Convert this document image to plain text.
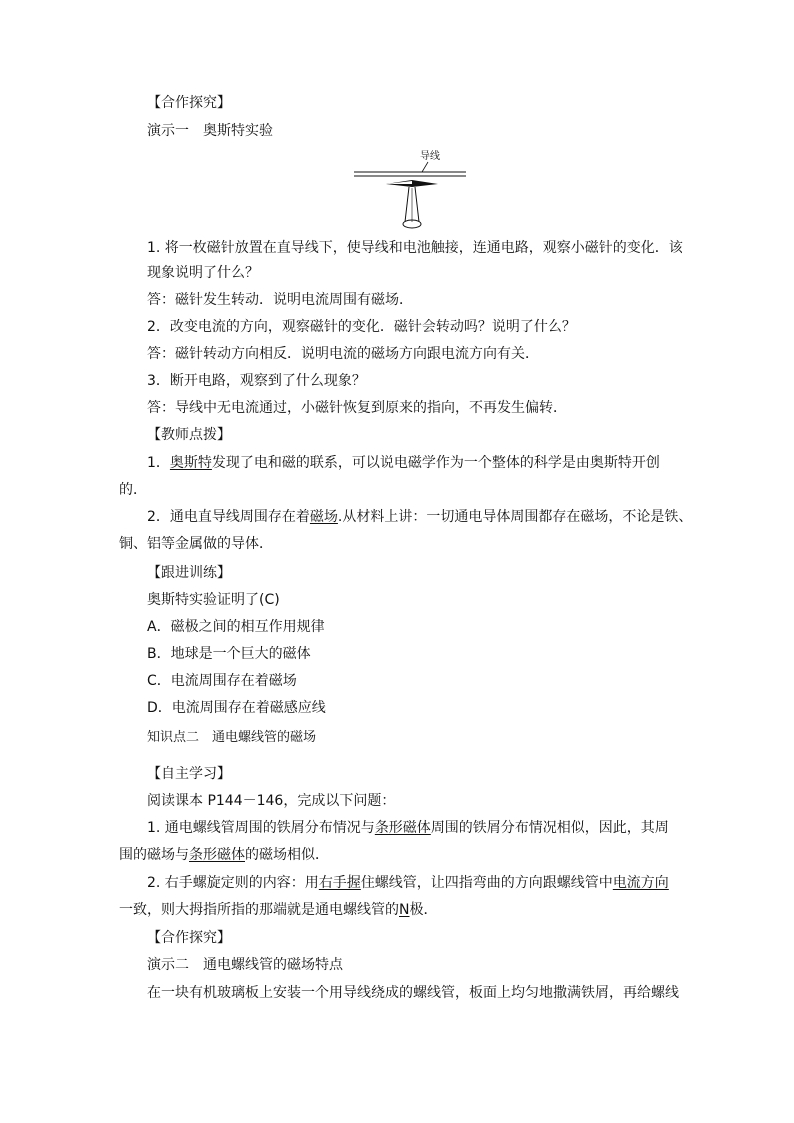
【合作探究】
演示一　奥斯特实验
导线
1. 将一枚磁针放置在直导线下，使导线和电池触接，连通电路，观察小磁针的变化．该
现象说明了什么？
答：磁针发生转动．说明电流周围有磁场．
2．改变电流的方向，观察磁针的变化．磁针会转动吗？说明了什么？
答：磁针转动方向相反．说明电流的磁场方向跟电流方向有关．
3．断开电路，观察到了什么现象？
答：导线中无电流通过，小磁针恢复到原来的指向，不再发生偏转．
【教师点拨】
1．奥斯特发现了电和磁的联系，可以说电磁学作为一个整体的科学是由奥斯特开创
的．
2．通电直导线周围存在着磁场.从材料上讲：一切通电导体周围都存在磁场，不论是铁、
铜、铝等金属做的导体．
【跟进训练】
奥斯特实验证明了(C)
A．磁极之间的相互作用规律
B．地球是一个巨大的磁体
C．电流周围存在着磁场
D．电流周围存在着磁感应线
知识点二　通电螺线管的磁场
【自主学习】
阅读课本 P144－146，完成以下问题：
1. 通电螺线管周围的铁屑分布情况与条形磁体周围的铁屑分布情况相似，因此，其周
围的磁场与条形磁体的磁场相似．
2. 右手螺旋定则的内容：用右手握住螺线管，让四指弯曲的方向跟螺线管中电流方向
一致，则大拇指所指的那端就是通电螺线管的N极．
【合作探究】
演示二　通电螺线管的磁场特点
在一块有机玻璃板上安装一个用导线绕成的螺线管，板面上均匀地撒满铁屑，再给螺线
